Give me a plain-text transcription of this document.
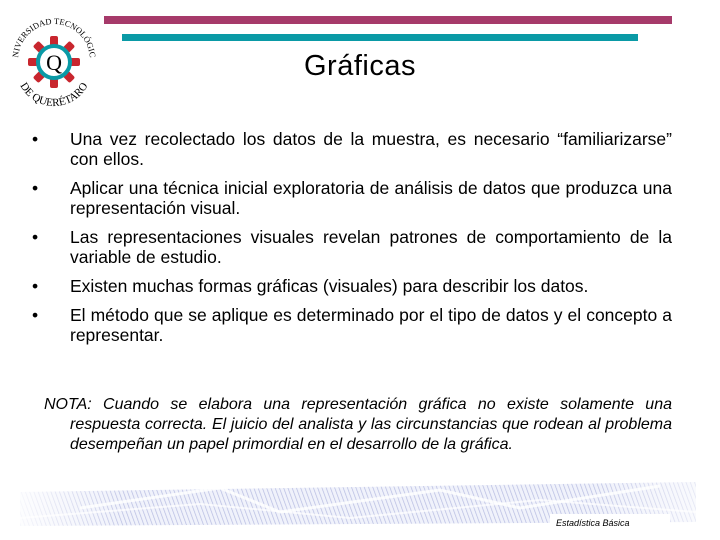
NIVERSIDAD TECNOLÓGIC
DE QUERÉTARO
Q	Gráficas
• Una vez recolectado los datos de la muestra, es necesario “familiarizarse” con ellos.
• Aplicar una técnica inicial exploratoria de análisis de datos que produzca una representación visual.
• Las representaciones visuales revelan patrones de comportamiento de la variable de estudio.
• Existen muchas formas gráficas (visuales) para describir los datos.
• El método que se aplique es determinado por el tipo de datos y el concepto a representar.
NOTA: Cuando se elabora una representación gráfica no existe solamente una respuesta correcta. El juicio del analista y las circunstancias que rodean al problema desempeñan un papel primordial en el desarrollo de la gráfica.
Estadística Básica
